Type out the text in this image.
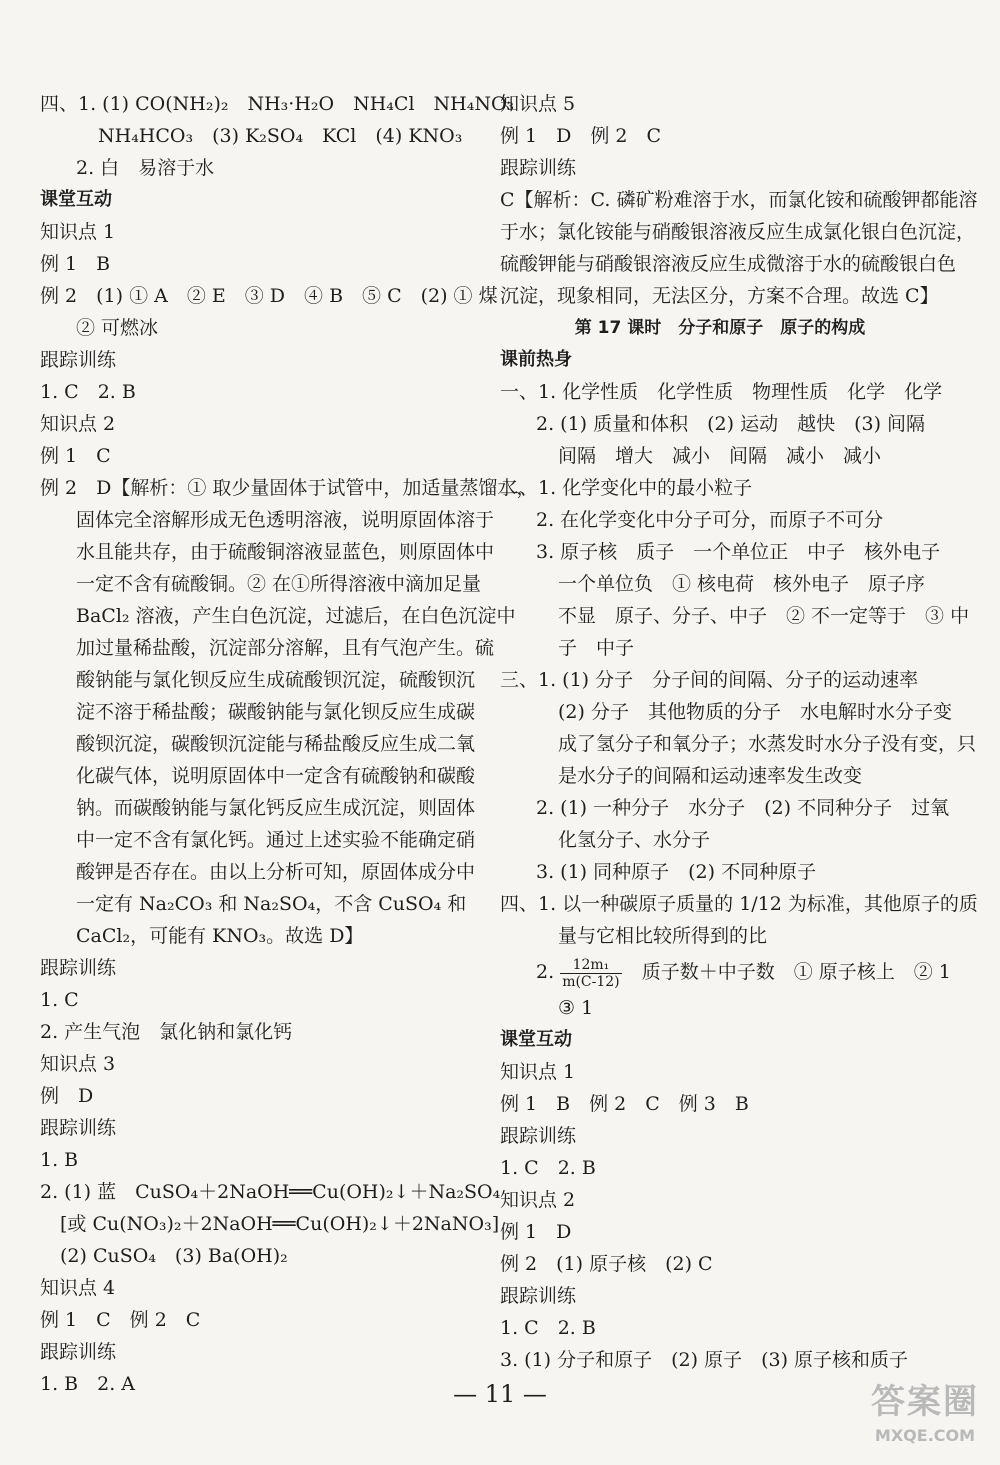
四、1. (1) CO(NH₂)₂　NH₃·H₂O　NH₄Cl　NH₄NO₃
NH₄HCO₃　(3) K₂SO₄　KCl　(4) KNO₃
2. 白　易溶于水
课堂互动
知识点 1
例 1　B
例 2　(1) ① A　② E　③ D　④ B　⑤ C　(2) ① 煤
② 可燃冰
跟踪训练
1. C　2. B
知识点 2
例 1　C
例 2　D【解析：① 取少量固体于试管中，加适量蒸馏水，
固体完全溶解形成无色透明溶液，说明原固体溶于
水且能共存，由于硫酸铜溶液显蓝色，则原固体中
一定不含有硫酸铜。② 在①所得溶液中滴加足量
BaCl₂ 溶液，产生白色沉淀，过滤后，在白色沉淀中
加过量稀盐酸，沉淀部分溶解，且有气泡产生。硫
酸钠能与氯化钡反应生成硫酸钡沉淀，硫酸钡沉
淀不溶于稀盐酸；碳酸钠能与氯化钡反应生成碳
酸钡沉淀，碳酸钡沉淀能与稀盐酸反应生成二氧
化碳气体，说明原固体中一定含有硫酸钠和碳酸
钠。而碳酸钠能与氯化钙反应生成沉淀，则固体
中一定不含有氯化钙。通过上述实验不能确定硝
酸钾是否存在。由以上分析可知，原固体成分中
一定有 Na₂CO₃ 和 Na₂SO₄，不含 CuSO₄ 和
CaCl₂，可能有 KNO₃。故选 D】
跟踪训练
1. C
2. 产生气泡　氯化钠和氯化钙
知识点 3
例　D
跟踪训练
1. B
2. (1) 蓝　CuSO₄＋2NaOH══Cu(OH)₂↓＋Na₂SO₄
[或 Cu(NO₃)₂＋2NaOH══Cu(OH)₂↓＋2NaNO₃]
(2) CuSO₄　(3) Ba(OH)₂
知识点 4
例 1　C　例 2　C
跟踪训练
1. B　2. A
知识点 5
例 1　D　例 2　C
跟踪训练
C【解析：C. 磷矿粉难溶于水，而氯化铵和硫酸钾都能溶
于水；氯化铵能与硝酸银溶液反应生成氯化银白色沉淀，
硫酸钾能与硝酸银溶液反应生成微溶于水的硫酸银白色
沉淀，现象相同，无法区分，方案不合理。故选 C】
第 17 课时　分子和原子　原子的构成
课前热身
一、1. 化学性质　化学性质　物理性质　化学　化学
2. (1) 质量和体积　(2) 运动　越快　(3) 间隔
间隔　增大　减小　间隔　减小　减小
二、1. 化学变化中的最小粒子
2. 在化学变化中分子可分，而原子不可分
3. 原子核　质子　一个单位正　中子　核外电子
一个单位负　① 核电荷　核外电子　原子序
不显　原子、分子、中子　② 不一定等于　③ 中
子　中子
三、1. (1) 分子　分子间的间隔、分子的运动速率
(2) 分子　其他物质的分子　水电解时水分子变
成了氢分子和氧分子；水蒸发时水分子没有变，只
是水分子的间隔和运动速率发生改变
2. (1) 一种分子　水分子　(2) 不同种分子　过氧
化氢分子、水分子
3. (1) 同种原子　(2) 不同种原子
四、1. 以一种碳原子质量的 1/12 为标准，其他原子的质
量与它相比较所得到的比
2. $\frac{\text{12m₁}}{m(C-12)}$ 质子数＋中子数　① 原子核上　② 1
③ 1
课堂互动
知识点 1
例 1　B　例 2　C　例 3　B
跟踪训练
1. C　2. B
知识点 2
例 1　D
例 2　(1) 原子核　(2) C
跟踪训练
1. C　2. B
3. (1) 分子和原子　(2) 原子　(3) 原子核和质子
— 11 —	答案圈
MXQE.COM
